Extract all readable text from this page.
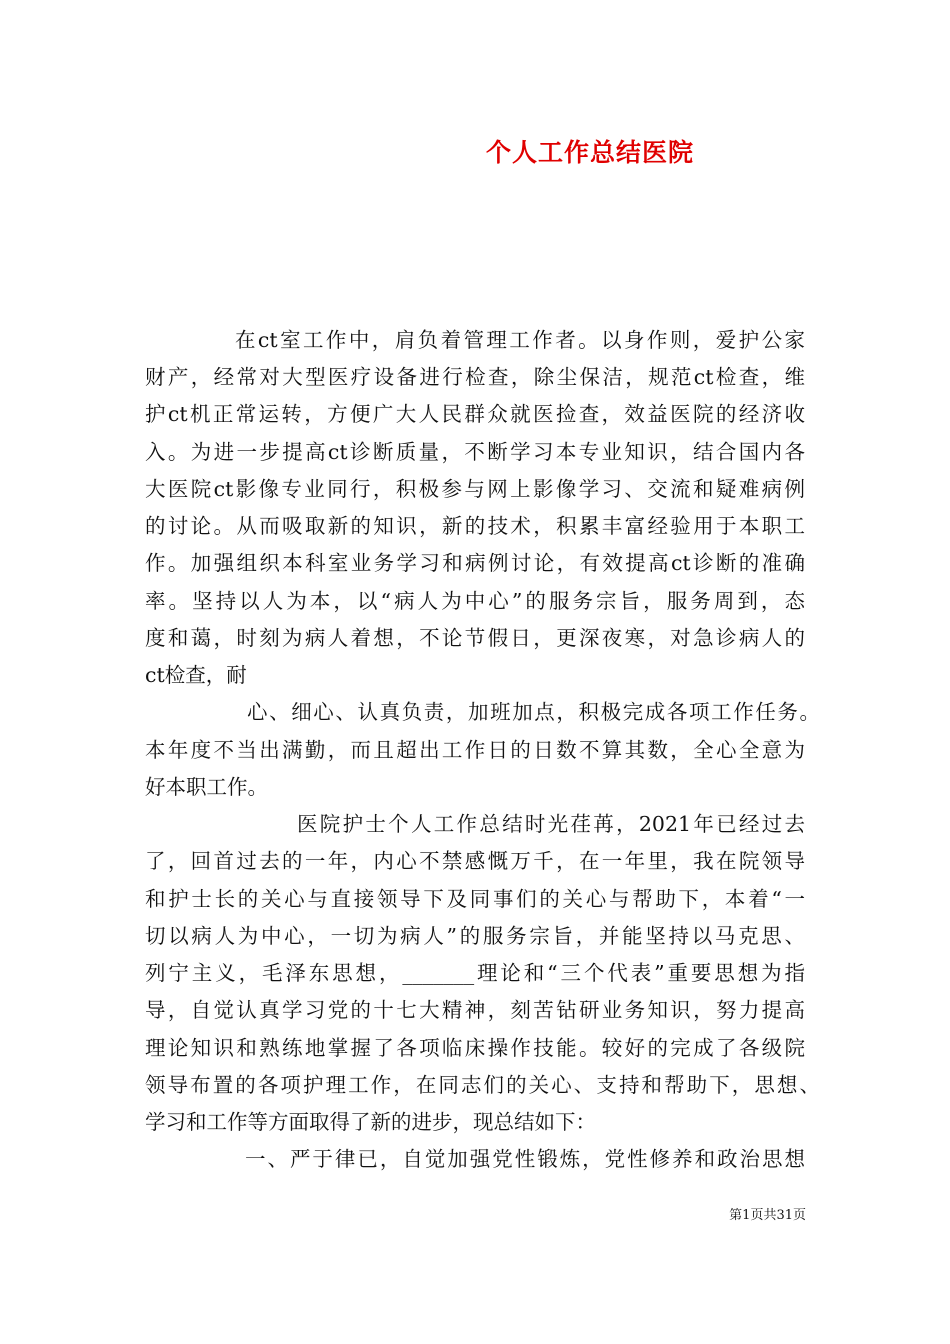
个人工作总结医院
在ct室工作中，肩负着管理工作者。以身作则，爱护公家
财产，经常对大型医疗设备进行检查，除尘保洁，规范ct检查，维
护ct机正常运转，方便广大人民群众就医捡查，效益医院的经济收
入。为进一步提高ct诊断质量，不断学习本专业知识，结合国内各
大医院ct影像专业同行，积极参与网上影像学习、交流和疑难病例
的讨论。从而吸取新的知识，新的技术，积累丰富经验用于本职工
作。加强组织本科室业务学习和病例讨论，有效提高ct诊断的准确
率。坚持以人为本，以“病人为中心”的服务宗旨，服务周到，态
度和蔼，时刻为病人着想，不论节假日，更深夜寒，对急诊病人的
ct检查，耐
心、细心、认真负责，加班加点，积极完成各项工作任务。
本年度不当出满勤，而且超出工作日的日数不算其数，全心全意为
好本职工作。
医院护士个人工作总结时光荏苒，2021年已经过去
了，回首过去的一年，内心不禁感慨万千，在一年里，我在院领导
和护士长的关心与直接领导下及同事们的关心与帮助下，本着“一
切以病人为中心，一切为病人”的服务宗旨，并能坚持以马克思、
列宁主义，毛泽东思想，_______理论和“三个代表”重要思想为指
导，自觉认真学习党的十七大精神，刻苦钻研业务知识，努力提高
理论知识和熟练地掌握了各项临床操作技能。较好的完成了各级院
领导布置的各项护理工作，在同志们的关心、支持和帮助下，思想、
学习和工作等方面取得了新的进步，现总结如下：
一、严于律已，自觉加强党性锻炼，党性修养和政治思想
第1页共31页
